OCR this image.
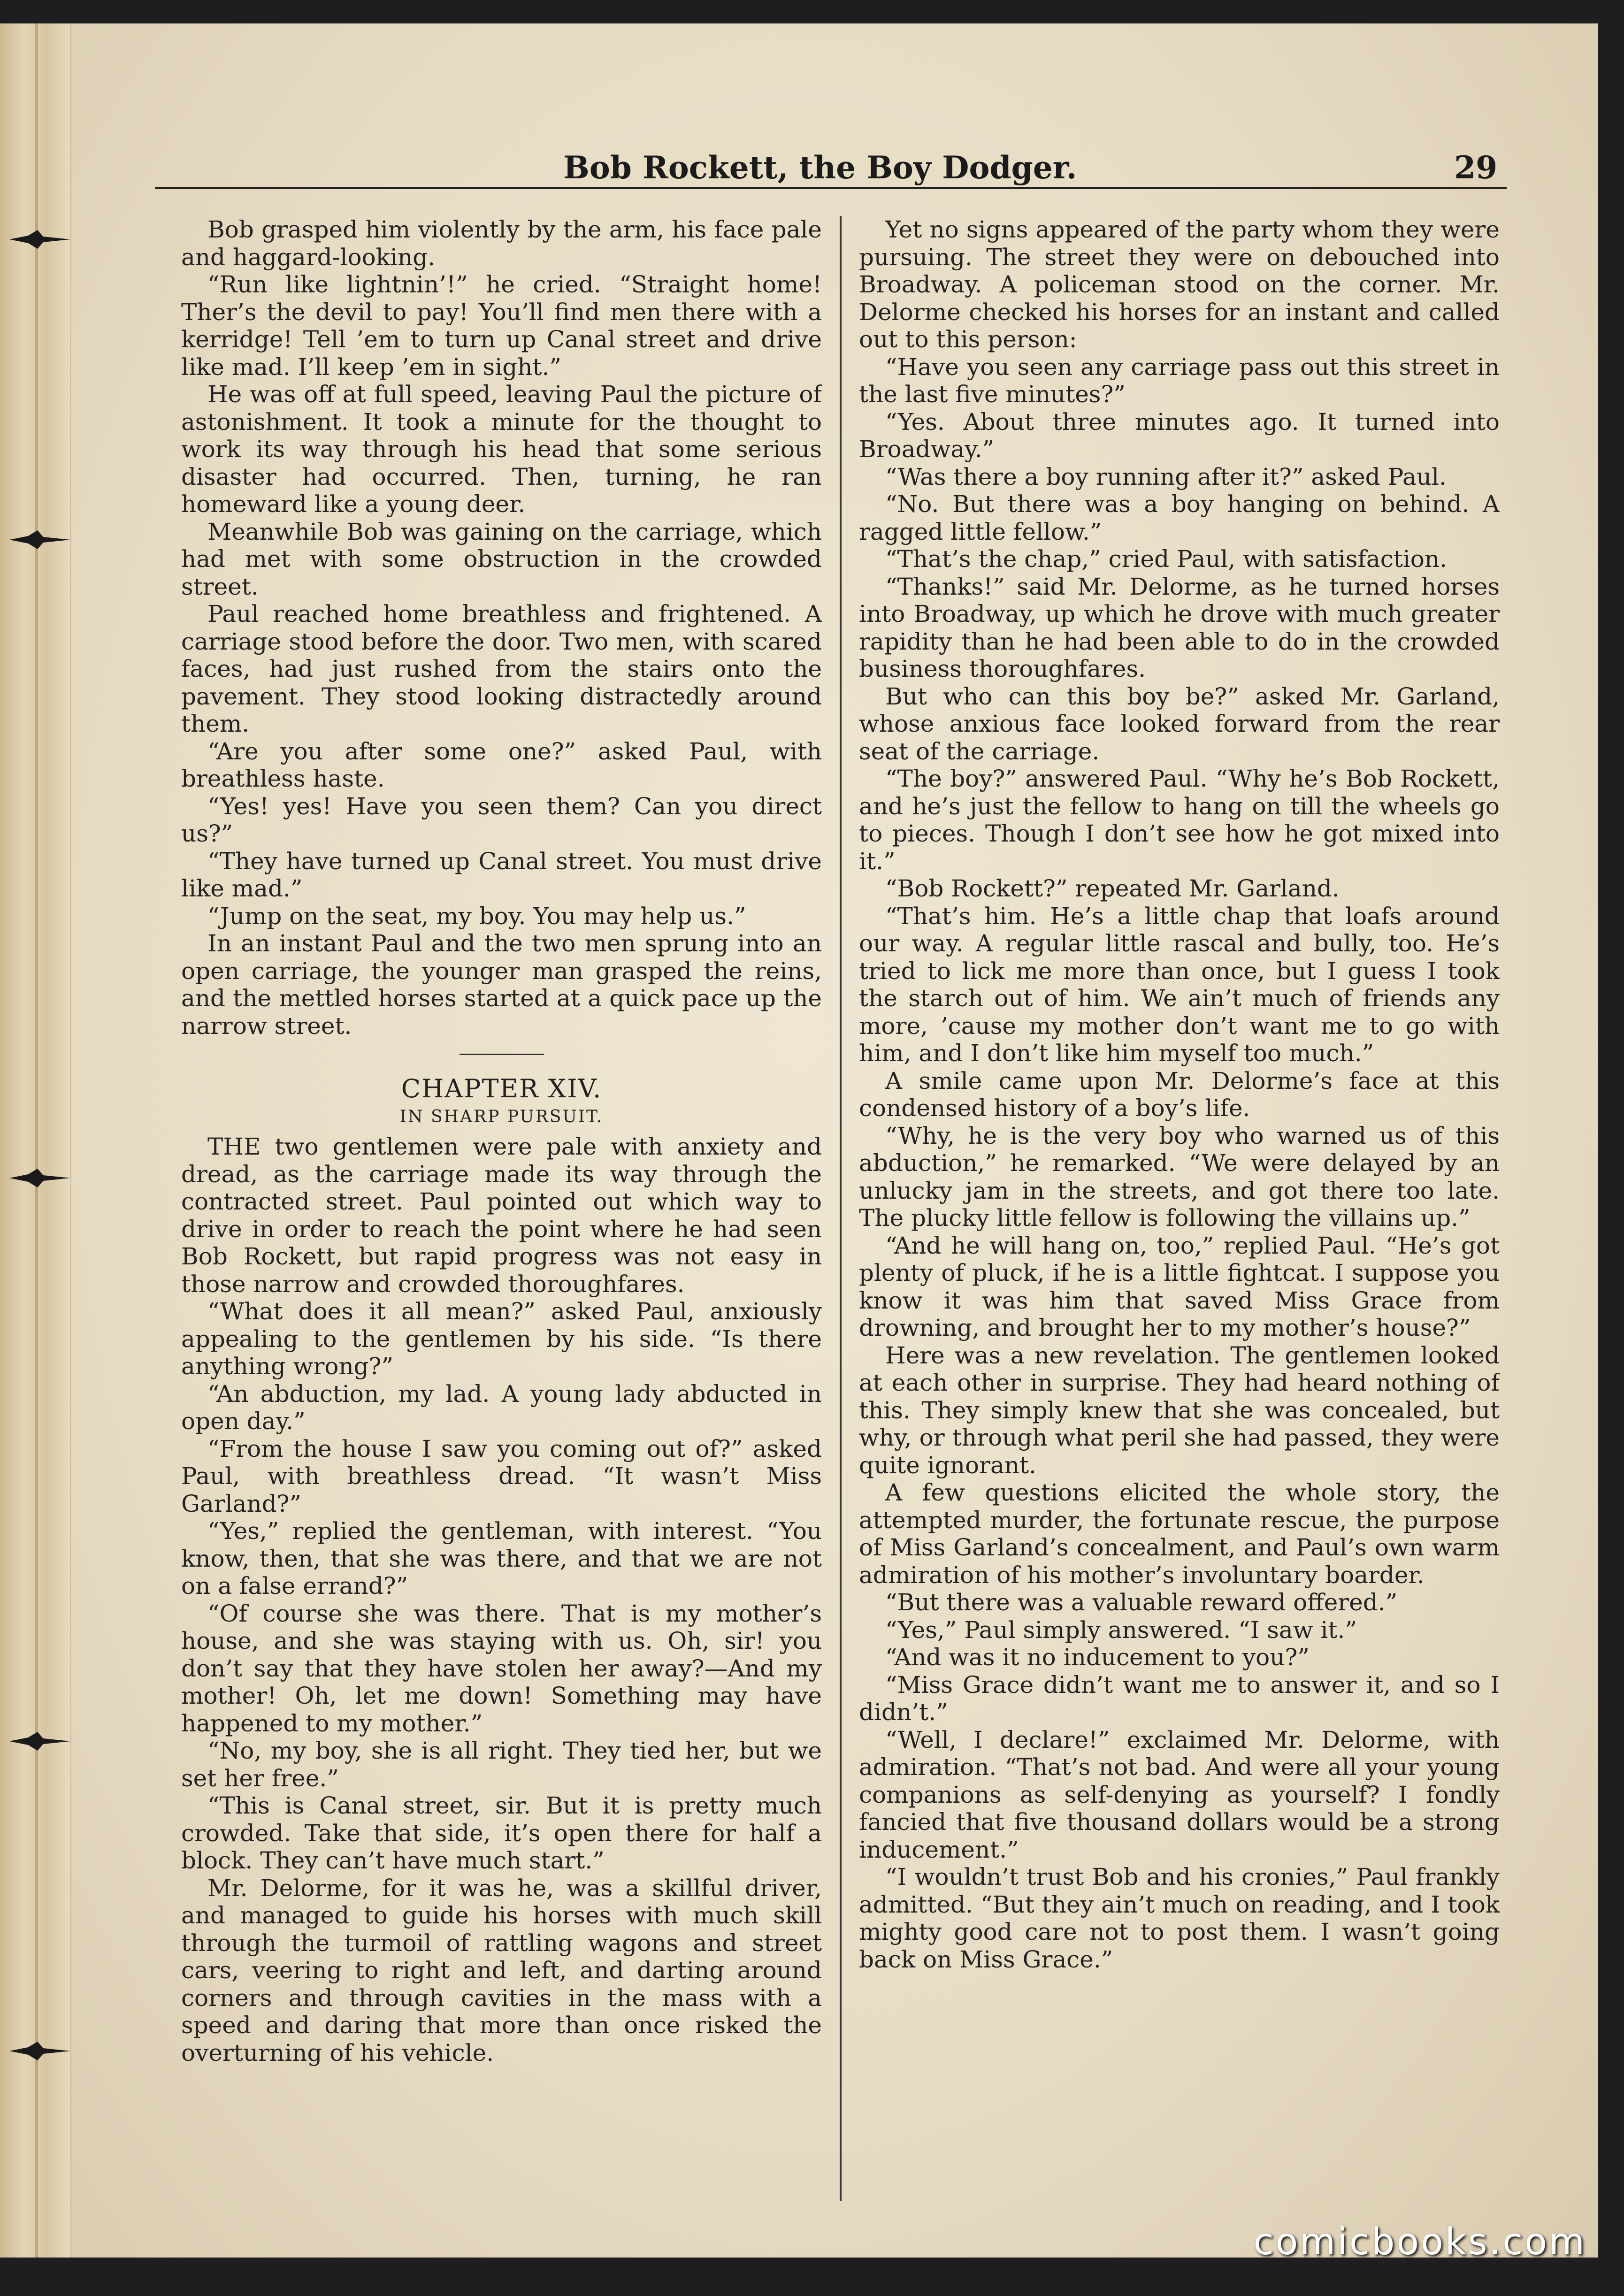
Bob Rockett, the Boy Dodger.	29

Bob grasped him violently by the arm, his face pale and haggard-looking.

“Run like lightnin’!” he cried. “Straight home! Ther’s the devil to pay! You’ll find men there with a kerridge! Tell ’em to turn up Canal street and drive like mad. I’ll keep ’em in sight.”

He was off at full speed, leaving Paul the picture of astonishment. It took a minute for the thought to work its way through his head that some serious disaster had occurred. Then, turning, he ran homeward like a young deer.

Meanwhile Bob was gaining on the carriage, which had met with some obstruction in the crowded street.

Paul reached home breathless and frightened. A carriage stood before the door. Two men, with scared faces, had just rushed from the stairs onto the pavement. They stood looking distractedly around them.

“Are you after some one?” asked Paul, with breathless haste.

“Yes! yes! Have you seen them? Can you direct us?”

“They have turned up Canal street. You must drive like mad.”

“Jump on the seat, my boy. You may help us.”

In an instant Paul and the two men sprung into an open carriage, the younger man grasped the reins, and the mettled horses started at a quick pace up the narrow street.

CHAPTER XIV.
IN SHARP PURSUIT.

THE two gentlemen were pale with anxiety and dread, as the carriage made its way through the contracted street. Paul pointed out which way to drive in order to reach the point where he had seen Bob Rockett, but rapid progress was not easy in those narrow and crowded thoroughfares.

“What does it all mean?” asked Paul, anxiously appealing to the gentlemen by his side. “Is there anything wrong?”

“An abduction, my lad. A young lady abducted in open day.”

“From the house I saw you coming out of?” asked Paul, with breathless dread. “It wasn’t Miss Garland?”

“Yes,” replied the gentleman, with interest. “You know, then, that she was there, and that we are not on a false errand?”

“Of course she was there. That is my mother’s house, and she was staying with us. Oh, sir! you don’t say that they have stolen her away?—And my mother! Oh, let me down! Something may have happened to my mother.”

“No, my boy, she is all right. They tied her, but we set her free.”

“This is Canal street, sir. But it is pretty much crowded. Take that side, it’s open there for half a block. They can’t have much start.”

Mr. Delorme, for it was he, was a skillful driver, and managed to guide his horses with much skill through the turmoil of rattling wagons and street cars, veering to right and left, and darting around corners and through cavities in the mass with a speed and daring that more than once risked the overturning of his vehicle.

Yet no signs appeared of the party whom they were pursuing. The street they were on debouched into Broadway. A policeman stood on the corner. Mr. Delorme checked his horses for an instant and called out to this person:

“Have you seen any carriage pass out this street in the last five minutes?”

“Yes. About three minutes ago. It turned into Broadway.”

“Was there a boy running after it?” asked Paul.

“No. But there was a boy hanging on behind. A ragged little fellow.”

“That’s the chap,” cried Paul, with satisfaction.

“Thanks!” said Mr. Delorme, as he turned horses into Broadway, up which he drove with much greater rapidity than he had been able to do in the crowded business thoroughfares.

But who can this boy be?” asked Mr. Garland, whose anxious face looked forward from the rear seat of the carriage.

“The boy?” answered Paul. “Why he’s Bob Rockett, and he’s just the fellow to hang on till the wheels go to pieces. Though I don’t see how he got mixed into it.”

“Bob Rockett?” repeated Mr. Garland.

“That’s him. He’s a little chap that loafs around our way. A regular little rascal and bully, too. He’s tried to lick me more than once, but I guess I took the starch out of him. We ain’t much of friends any more, ’cause my mother don’t want me to go with him, and I don’t like him myself too much.”

A smile came upon Mr. Delorme’s face at this condensed history of a boy’s life.

“Why, he is the very boy who warned us of this abduction,” he remarked. “We were delayed by an unlucky jam in the streets, and got there too late. The plucky little fellow is following the villains up.”

“And he will hang on, too,” replied Paul. “He’s got plenty of pluck, if he is a little fightcat. I suppose you know it was him that saved Miss Grace from drowning, and brought her to my mother’s house?”

Here was a new revelation. The gentlemen looked at each other in surprise. They had heard nothing of this. They simply knew that she was concealed, but why, or through what peril she had passed, they were quite ignorant.

A few questions elicited the whole story, the attempted murder, the fortunate rescue, the purpose of Miss Garland’s concealment, and Paul’s own warm admiration of his mother’s involuntary boarder.

“But there was a valuable reward offered.”

“Yes,” Paul simply answered. “I saw it.”

“And was it no inducement to you?”

“Miss Grace didn’t want me to answer it, and so I didn’t.”

“Well, I declare!” exclaimed Mr. Delorme, with admiration. “That’s not bad. And were all your young companions as self-denying as yourself? I fondly fancied that five thousand dollars would be a strong inducement.”

“I wouldn’t trust Bob and his cronies,” Paul frankly admitted. “But they ain’t much on reading, and I took mighty good care not to post them. I wasn’t going back on Miss Grace.”

comicbooks.com
